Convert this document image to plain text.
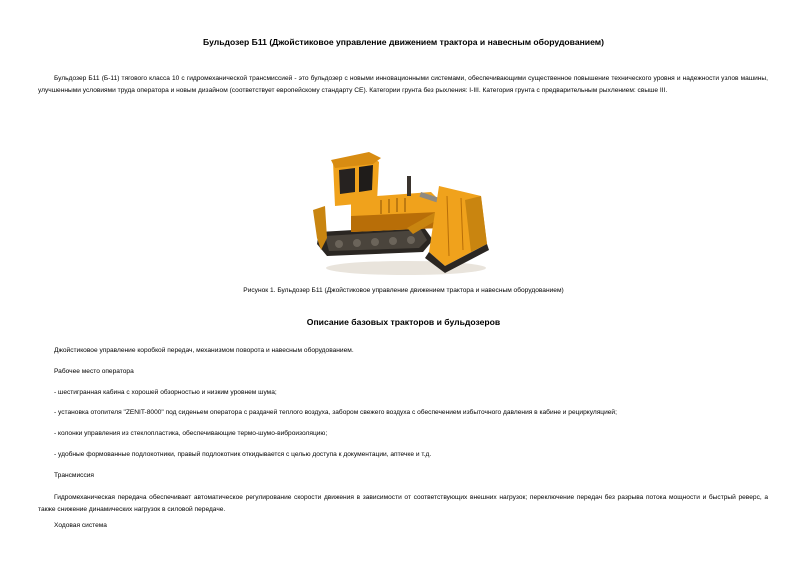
Бульдозер Б11 (Джойстиковое управление движением трактора и навесным оборудованием)

Бульдозер Б11 (Б-11) тягового класса 10 с гидромеханической трансмиссией - это бульдозер с новыми инновационными системами, обеспечивающими существенное повышение технического уровня и надежности узлов машины, улучшенными условиями труда оператора и новым дизайном (соответствует европейскому стандарту CE). Категории грунта без рыхления: I-III. Категория грунта с предварительным рыхлением: свыше III.

Рисунок 1. Бульдозер Б11 (Джойстиковое управление движением трактора и навесным оборудованием)

Описание базовых тракторов и бульдозеров

Джойстиковое управление коробкой передач, механизмом поворота и навесным оборудованием.

Рабочее место оператора

- шестигранная кабина с хорошей обзорностью и низким уровнем шума;

- установка отопителя "ZENIT-8000" под сиденьем оператора с раздачей теплого воздуха, забором свежего воздуха с обеспечением избыточного давления в кабине и рециркуляцией;

- колонки управления из стеклопластика, обеспечивающие термо-шумо-виброизоляцию;

- удобные формованные подлокотники, правый подлокотник откидывается с целью доступа к документации, аптечке и т.д.

Трансмиссия

Гидромеханическая передача обеспечивает автоматическое регулирование скорости движения в зависимости от соответствующих внешних нагрузок; переключение передач без разрыва потока мощности и быстрый реверс, а также снижение динамических нагрузок в силовой передаче.

Ходовая система
